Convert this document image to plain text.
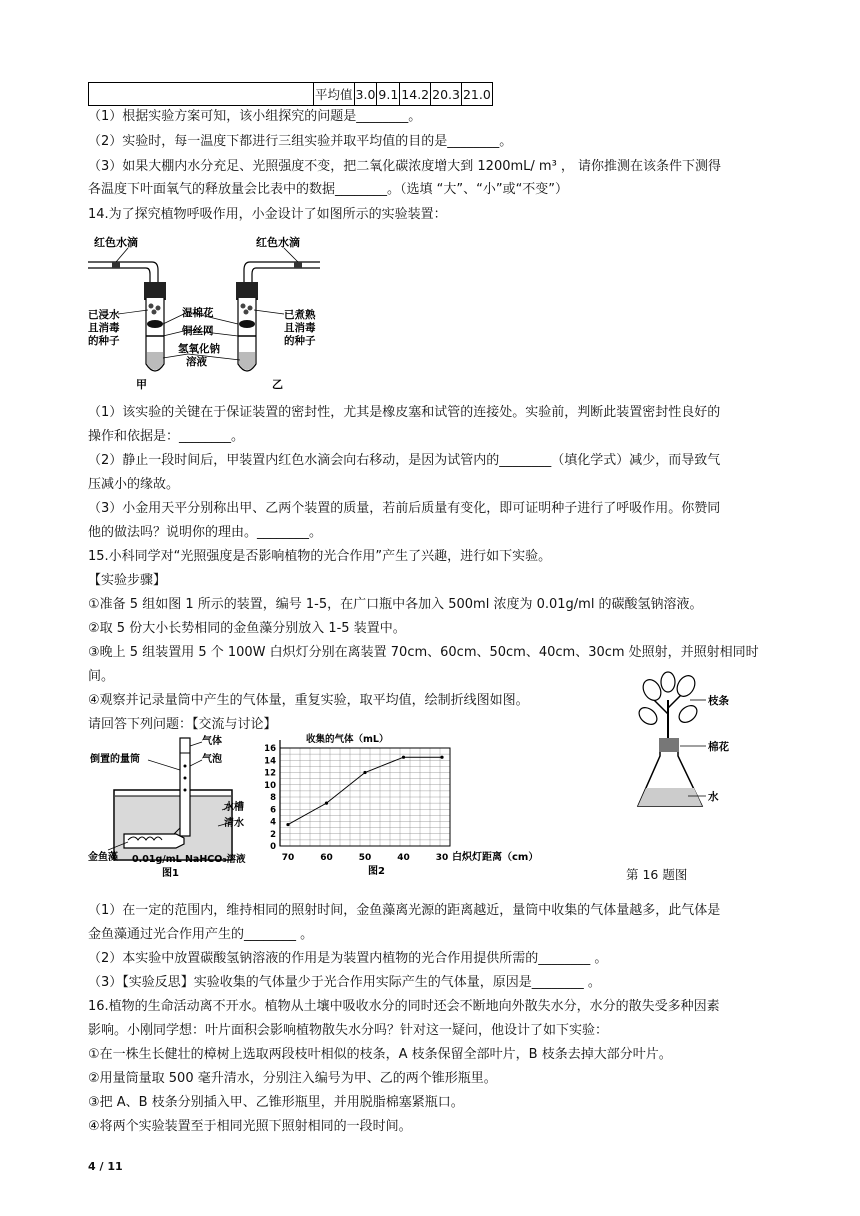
	平均值	3.0	9.1	14.2	20.3	21.0
（1）根据实验方案可知，该小组探究的问题是________。
（2）实验时，每一温度下都进行三组实验并取平均值的目的是________。
（3）如果大棚内水分充足、光照强度不变，把二氧化碳浓度增大到 1200mL/ m³ ， 请你推测在该条件下测得
各温度下叶面氧气的释放量会比表中的数据________。（选填 “大”、“小”或“不变”）
14.为了探究植物呼吸作用，小金设计了如图所示的实验装置：
红色水滴	红色水滴
已浸水
且消毒
的种子
已煮熟
且消毒
的种子
湿棉花
铜丝网
氢氧化钠
溶液
甲	乙
（1）该实验的关键在于保证装置的密封性，尤其是橡皮塞和试管的连接处。实验前，判断此装置密封性良好的
操作和依据是：________。
（2）静止一段时间后，甲装置内红色水滴会向右移动，是因为试管内的________（填化学式）减少，而导致气
压减小的缘故。
（3）小金用天平分别称出甲、乙两个装置的质量，若前后质量有变化，即可证明种子进行了呼吸作用。你赞同
他的做法吗？说明你的理由。________。
15.小科同学对“光照强度是否影响植物的光合作用”产生了兴趣，进行如下实验。
【实验步骤】
①准备 5 组如图 1 所示的装置，编号 1-5，在广口瓶中各加入 500ml 浓度为 0.01g/ml 的碳酸氢钠溶液。
②取 5 份大小长势相同的金鱼藻分别放入 1-5 装置中。
③晚上 5 组装置用 5 个 100W 白炽灯分别在离装置 70cm、60cm、50cm、40cm、30cm 处照射，并照射相同时
间。
④观察并记录量筒中产生的气体量，重复实验，取平均值，绘制折线图如图。
请回答下列问题：【交流与讨论】
枝条
棉花
水
第 16 题图
倒置的量筒
气体
气泡
水槽
清水
金鱼藻 0.01g/mL NaHCO₃溶液
图1
0
2
4
6
8
10
12
14
16
70	60	50	40	30
收集的气体（mL）
白炽灯距离（cm）
图2
（1）在一定的范围内，维持相同的照射时间，金鱼藻离光源的距离越近，量筒中收集的气体量越多，此气体是
金鱼藻通过光合作用产生的________ 。
（2）本实验中放置碳酸氢钠溶液的作用是为装置内植物的光合作用提供所需的________ 。
（3）【实验反思】实验收集的气体量少于光合作用实际产生的气体量，原因是________ 。
16.植物的生命活动离不开水。植物从土壤中吸收水分的同时还会不断地向外散失水分，水分的散失受多种因素
影响。小刚同学想：叶片面积会影响植物散失水分吗？针对这一疑问，他设计了如下实验：
①在一株生长健壮的樟树上选取两段枝叶相似的枝条，A 枝条保留全部叶片，B 枝条去掉大部分叶片。
②用量筒量取 500 毫升清水，分别注入编号为甲、乙的两个锥形瓶里。
③把 A、B 枝条分别插入甲、乙锥形瓶里，并用脱脂棉塞紧瓶口。
④将两个实验装置至于相同光照下照射相同的一段时间。
4 / 11
